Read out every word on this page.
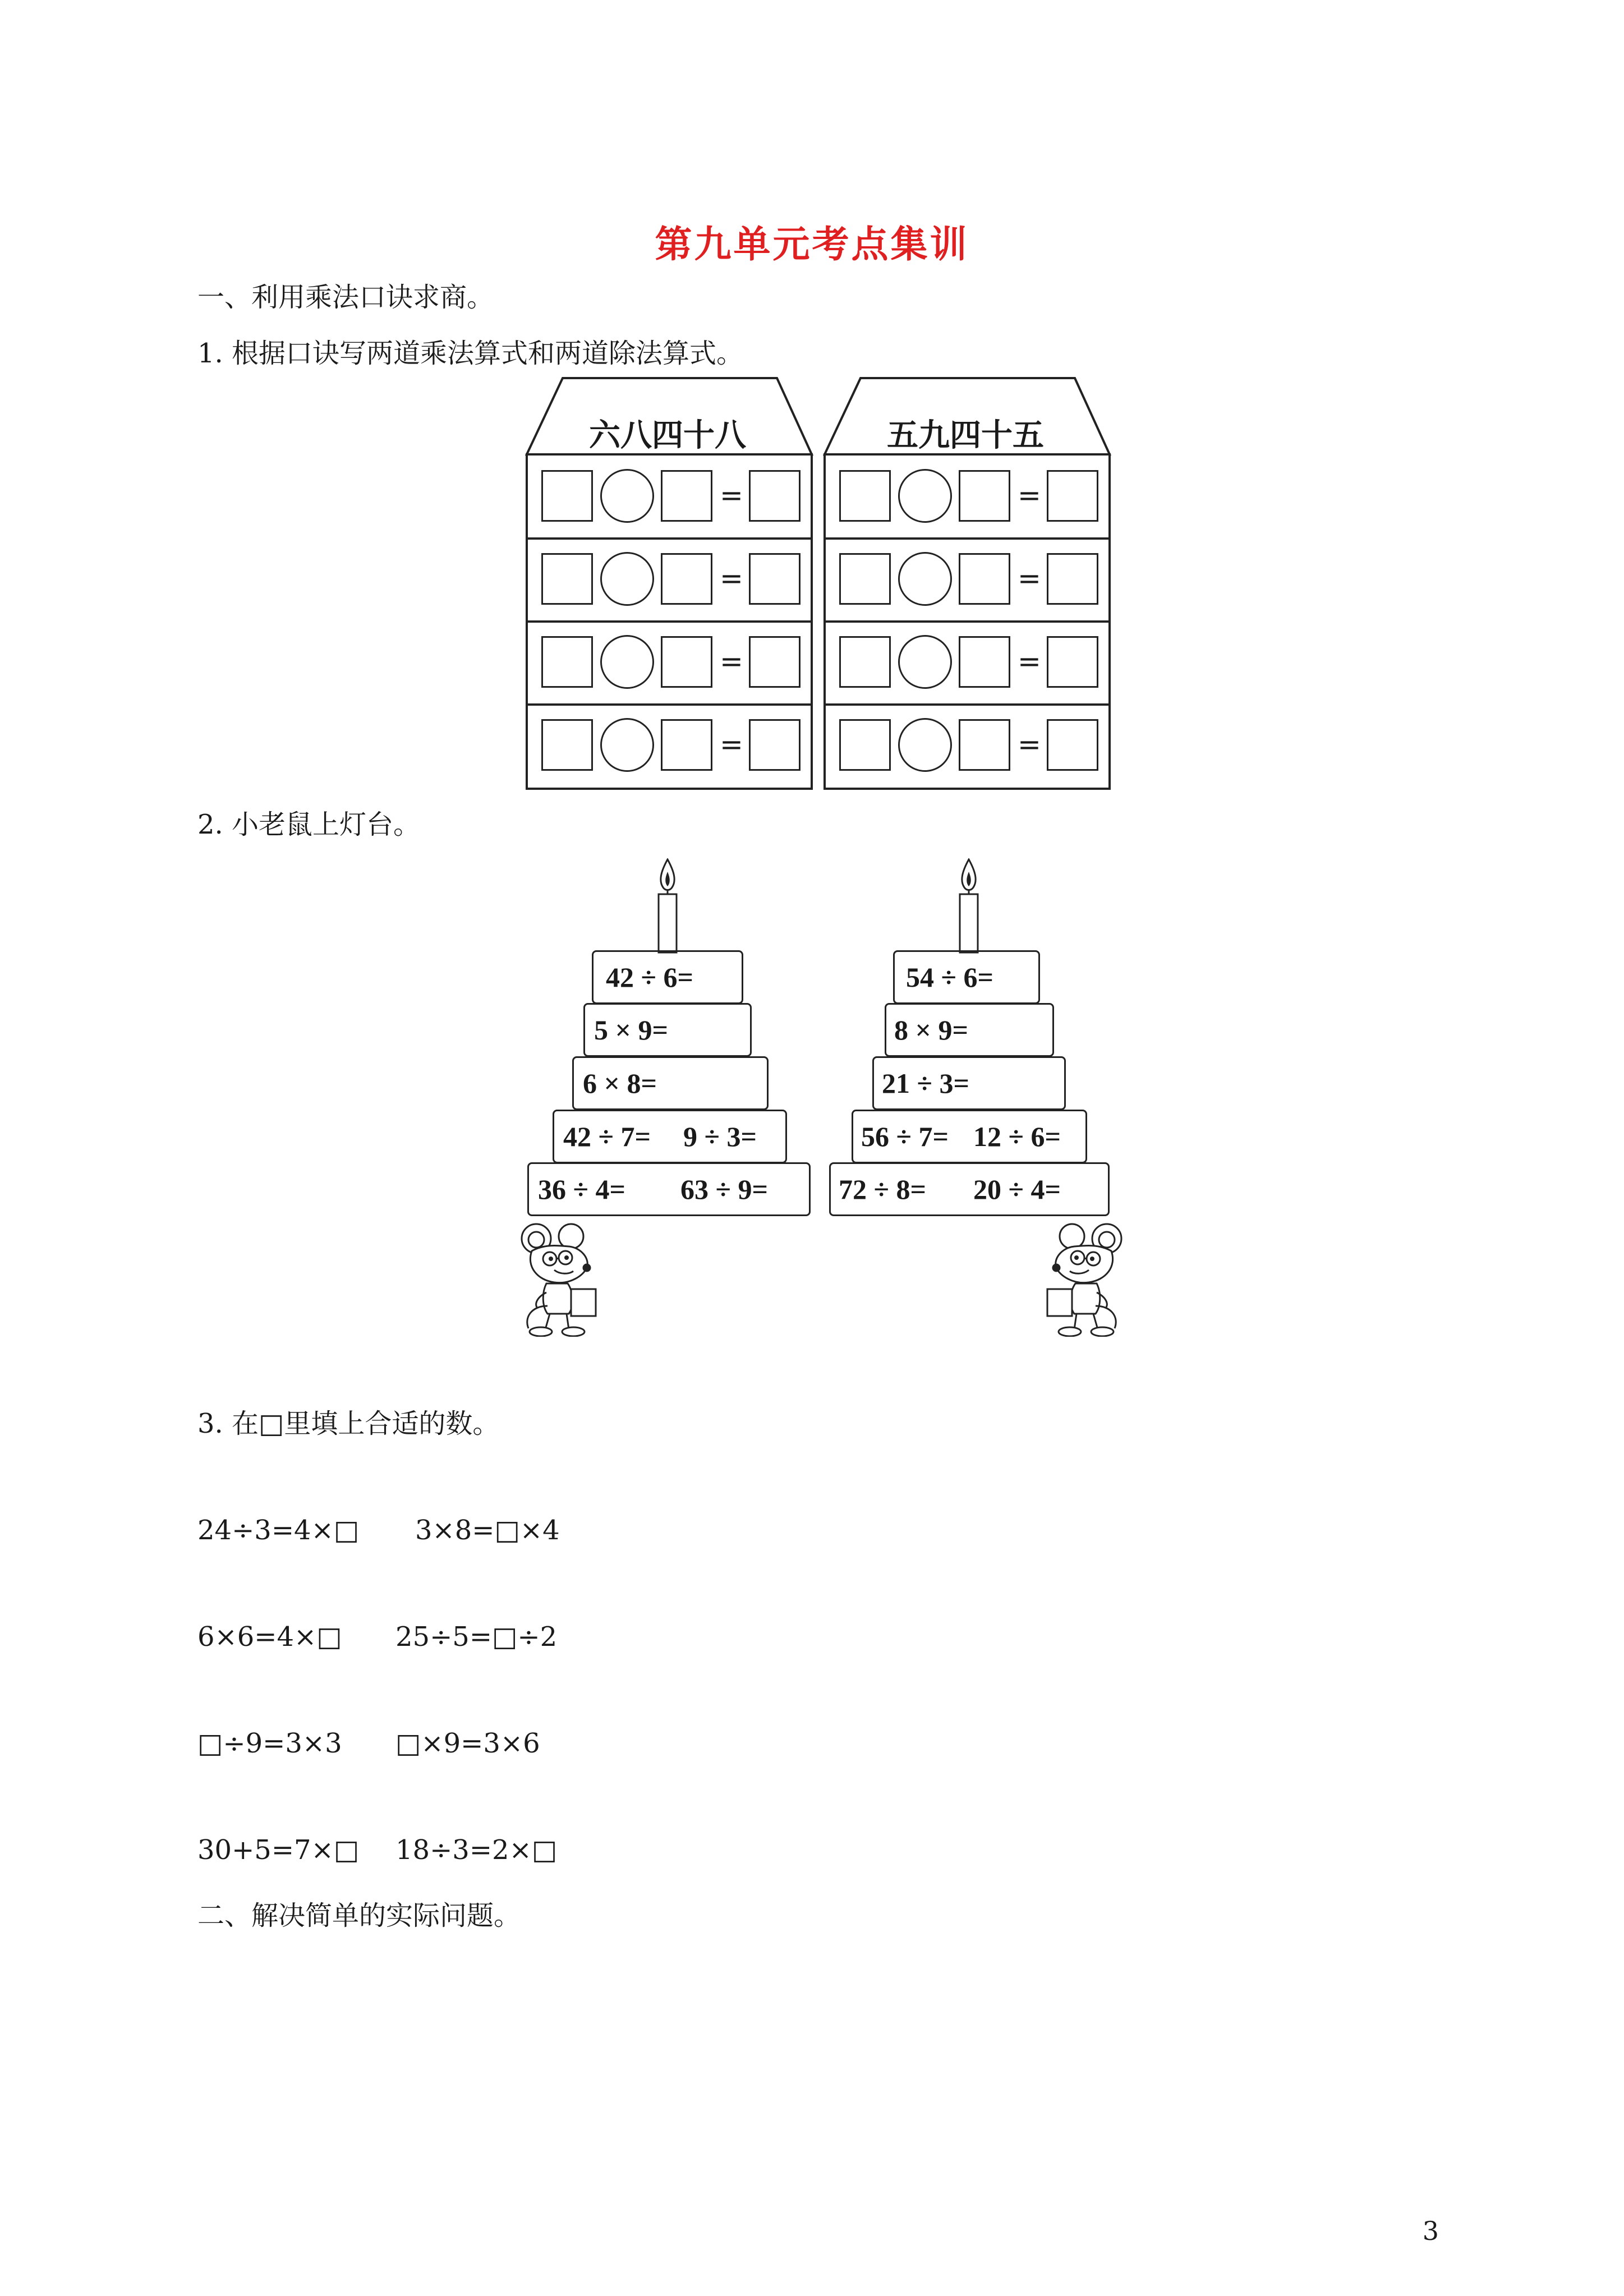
第九单元考点集训
一、利用乘法口诀求商。
1. 根据口诀写两道乘法算式和两道除法算式。
六八四十八
=
=
=
=
五九四十五
=
=
=
=
2. 小老鼠上灯台。
42 ÷ 6=
5 × 9=
6 × 8=
42 ÷ 7= 9 ÷ 3=
36 ÷ 4= 63 ÷ 9=
54 ÷ 6=
8 × 9=
21 ÷ 3=
56 ÷ 7= 12 ÷ 6=
72 ÷ 8= 20 ÷ 4=
3. 在□里填上合适的数。
24÷3=4×□ 3×8=□×4
6×6=4×□ 25÷5=□÷2
□÷9=3×3 □×9=3×6
30+5=7×□ 18÷3=2×□
二、解决简单的实际问题。
3
